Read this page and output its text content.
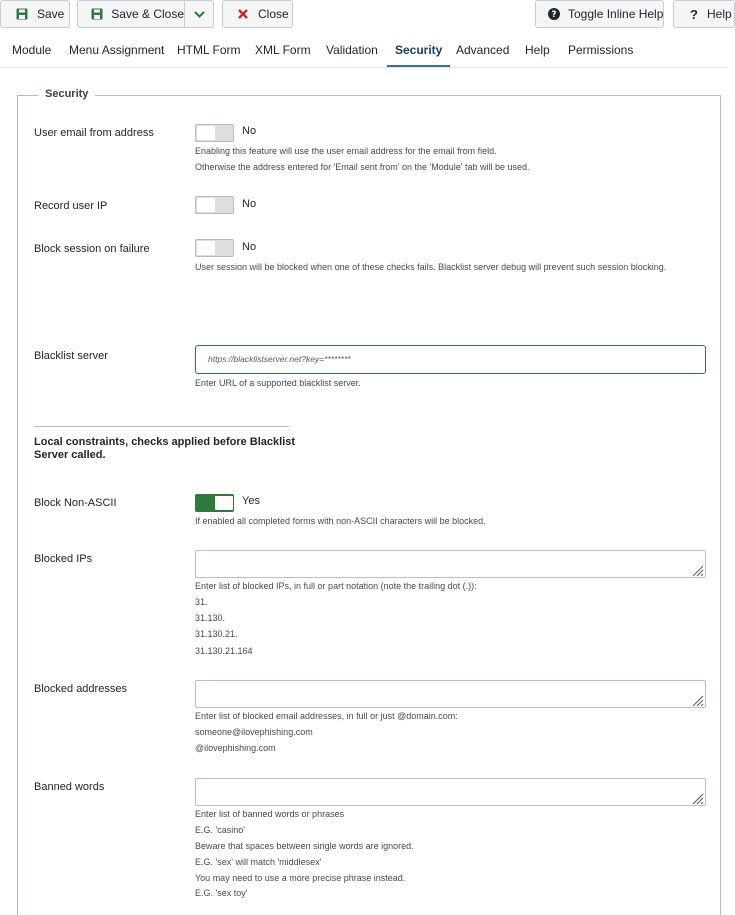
Save	Save & Close	Close	? Toggle Inline Help ? Help
Module Menu Assignment HTML Form XML Form Validation Security Advanced Help Permissions
Security
User email from address	No
Enabling this feature will use the user email address for the email from field.
Otherwise the address entered for 'Email sent from' on the 'Module' tab will be used.
Record user IP	No
Block session on failure	No
User session will be blocked when one of these checks fails. Blacklist server debug will prevent such session blocking.
Blacklist server	https://blacklistserver.net?key=********
Enter URL of a supported blacklist server.
Local constraints, checks applied before Blacklist Server called.
Block Non-ASCII	Yes
If enabled all completed forms with non-ASCII characters will be blocked.
Blocked IPs
Enter list of blocked IPs, in full or part notation (note the trailing dot (.)):
31.
31.130.
31.130.21.
31.130.21.164
Blocked addresses
Enter list of blocked email addresses, in full or just @domain.com:
someone@ilovephishing.com
@ilovephishing.com
Banned words
Enter list of banned words or phrases
E.G. 'casino'
Beware that spaces between single words are ignored.
E.G. 'sex' will match 'middlesex'
You may need to use a more precise phrase instead.
E.G. 'sex toy'
